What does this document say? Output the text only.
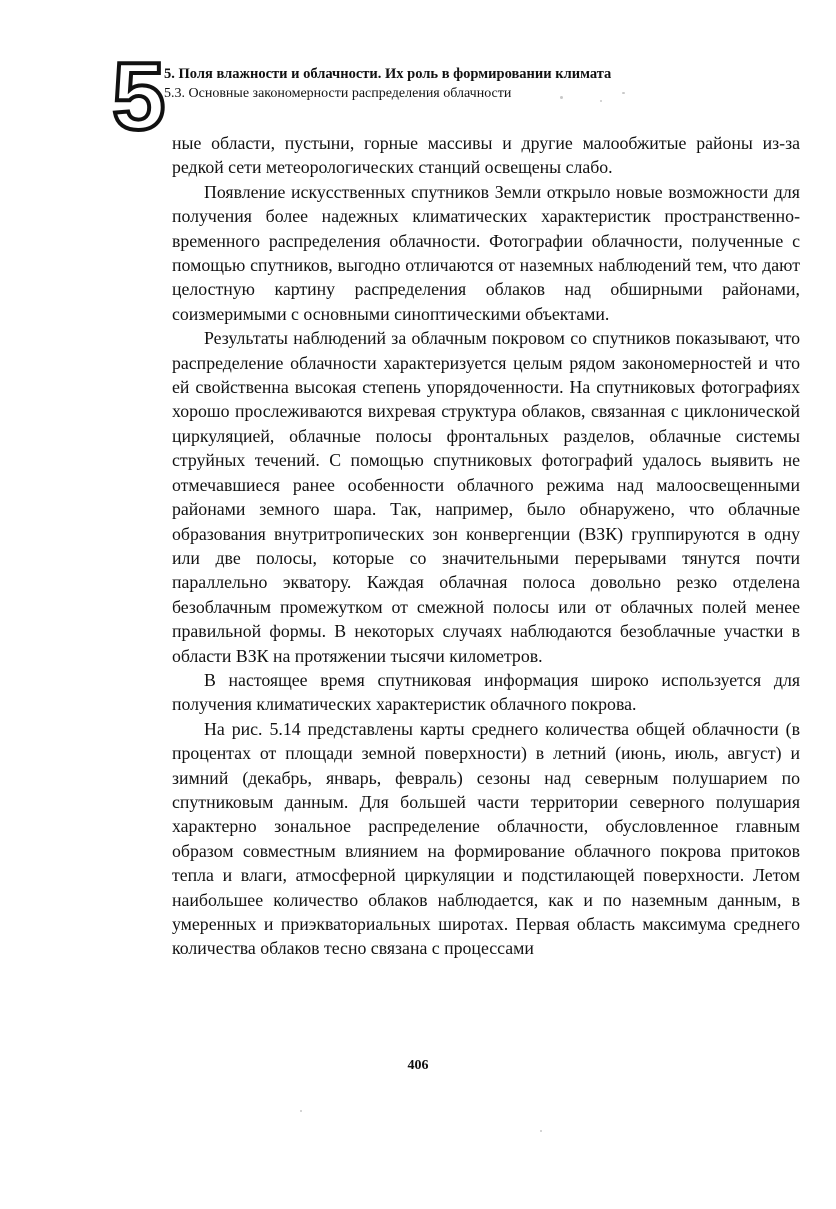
5 5. Поля влажности и облачности. Их роль в формировании климата
5.3. Основные закономерности распределения облачности

ные области, пустыни, горные массивы и другие малообжитые районы из-за редкой сети метеорологических станций освещены слабо.

Появление искусственных спутников Земли открыло новые возможности для получения более надежных климатических характеристик пространственно-временного распределения облачности. Фотографии облачности, полученные с помощью спутников, выгодно отличаются от наземных наблюдений тем, что дают целостную картину распределения облаков над обширными районами, соизмеримыми с основными синоптическими объектами.

Результаты наблюдений за облачным покровом со спутников показывают, что распределение облачности характеризуется целым рядом закономерностей и что ей свойственна высокая степень упорядоченности. На спутниковых фотографиях хорошо прослеживаются вихревая структура облаков, связанная с циклонической циркуляцией, облачные полосы фронтальных разделов, облачные системы струйных течений. С помощью спутниковых фотографий удалось выявить не отмечавшиеся ранее особенности облачного режима над малоосвещенными районами земного шара. Так, например, было обнаружено, что облачные образования внутритропических зон конвергенции (ВЗК) группируются в одну или две полосы, которые со значительными перерывами тянутся почти параллельно экватору. Каждая облачная полоса довольно резко отделена безоблачным промежутком от смежной полосы или от облачных полей менее правильной формы. В некоторых случаях наблюдаются безоблачные участки в области ВЗК на протяжении тысячи километров.

В настоящее время спутниковая информация широко используется для получения климатических характеристик облачного покрова.

На рис. 5.14 представлены карты среднего количества общей облачности (в процентах от площади земной поверхности) в летний (июнь, июль, август) и зимний (декабрь, январь, февраль) сезоны над северным полушарием по спутниковым данным. Для большей части территории северного полушария характерно зональное распределение облачности, обусловленное главным образом совместным влиянием на формирование облачного покрова притоков тепла и влаги, атмосферной циркуляции и подстилающей поверхности. Летом наибольшее количество облаков наблюдается, как и по наземным данным, в умеренных и приэкваториальных широтах. Первая область максимума среднего количества облаков тесно связана с процессами

406
